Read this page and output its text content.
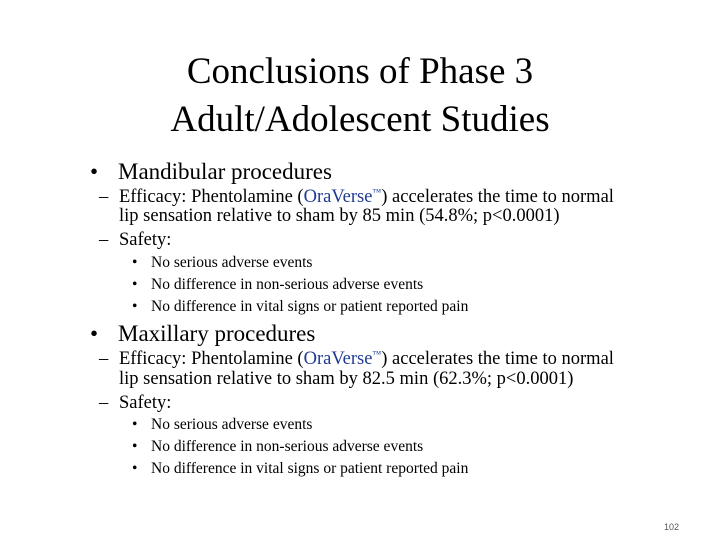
Conclusions of Phase 3
Adult/Adolescent Studies
• Mandibular procedures
– Efficacy: Phentolamine (OraVerse™) accelerates the time to normal
lip sensation relative to sham by 85 min (54.8%; p<0.0001)
– Safety:
• No serious adverse events
• No difference in non-serious adverse events
• No difference in vital signs or patient reported pain
• Maxillary procedures
– Efficacy: Phentolamine (OraVerse™) accelerates the time to normal
lip sensation relative to sham by 82.5 min (62.3%; p<0.0001)
– Safety:
• No serious adverse events
• No difference in non-serious adverse events
• No difference in vital signs or patient reported pain
102
